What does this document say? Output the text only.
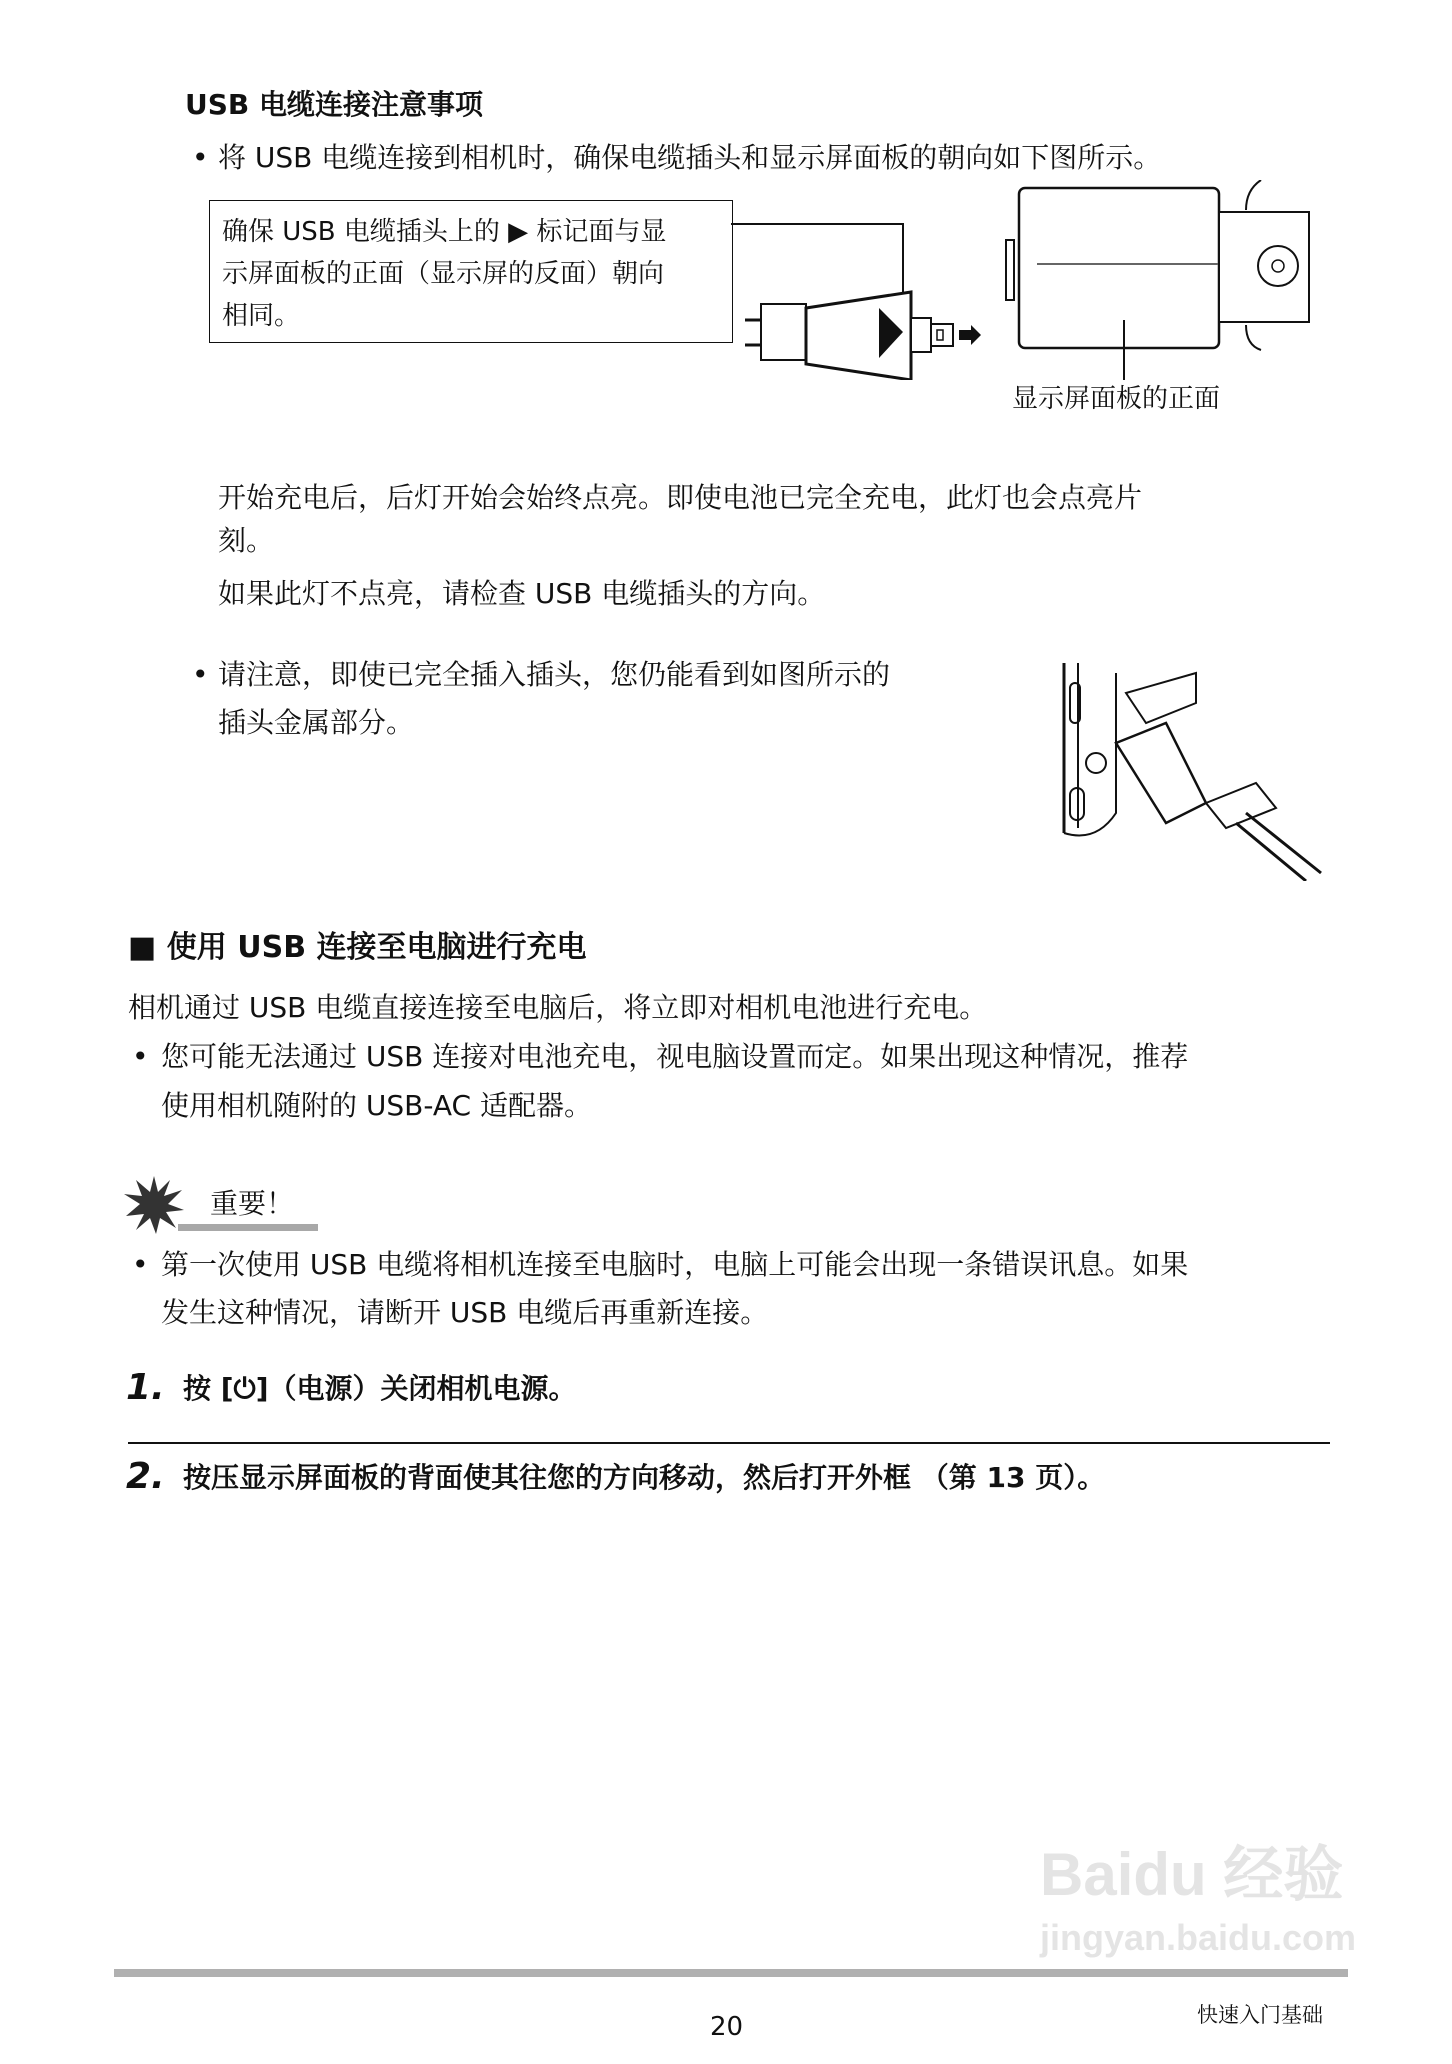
USB 电缆连接注意事项
• 将 USB 电缆连接到相机时，确保电缆插头和显示屏面板的朝向如下图所示。
确保 USB 电缆插头上的 ▶ 标记面与显
示屏面板的正面（显示屏的反面）朝向
相同。
显示屏面板的正面
开始充电后，后灯开始会始终点亮。即使电池已完全充电，此灯也会点亮片
刻。
如果此灯不点亮，请检查 USB 电缆插头的方向。
• 请注意，即使已完全插入插头，您仍能看到如图所示的
插头金属部分。
■ 使用 USB 连接至电脑进行充电
相机通过 USB 电缆直接连接至电脑后，将立即对相机电池进行充电。
• 您可能无法通过 USB 连接对电池充电，视电脑设置而定。如果出现这种情况，推荐
使用相机随附的 USB-AC 适配器。
重要！
• 第一次使用 USB 电缆将相机连接至电脑时，电脑上可能会出现一条错误讯息。如果
发生这种情况，请断开 USB 电缆后再重新连接。
1. 按 [⏻]（电源）关闭相机电源。
2. 按压显示屏面板的背面使其往您的方向移动，然后打开外框 （第 13 页）。
Baidu 经验
jingyan.baidu.com
20	快速入门基础
